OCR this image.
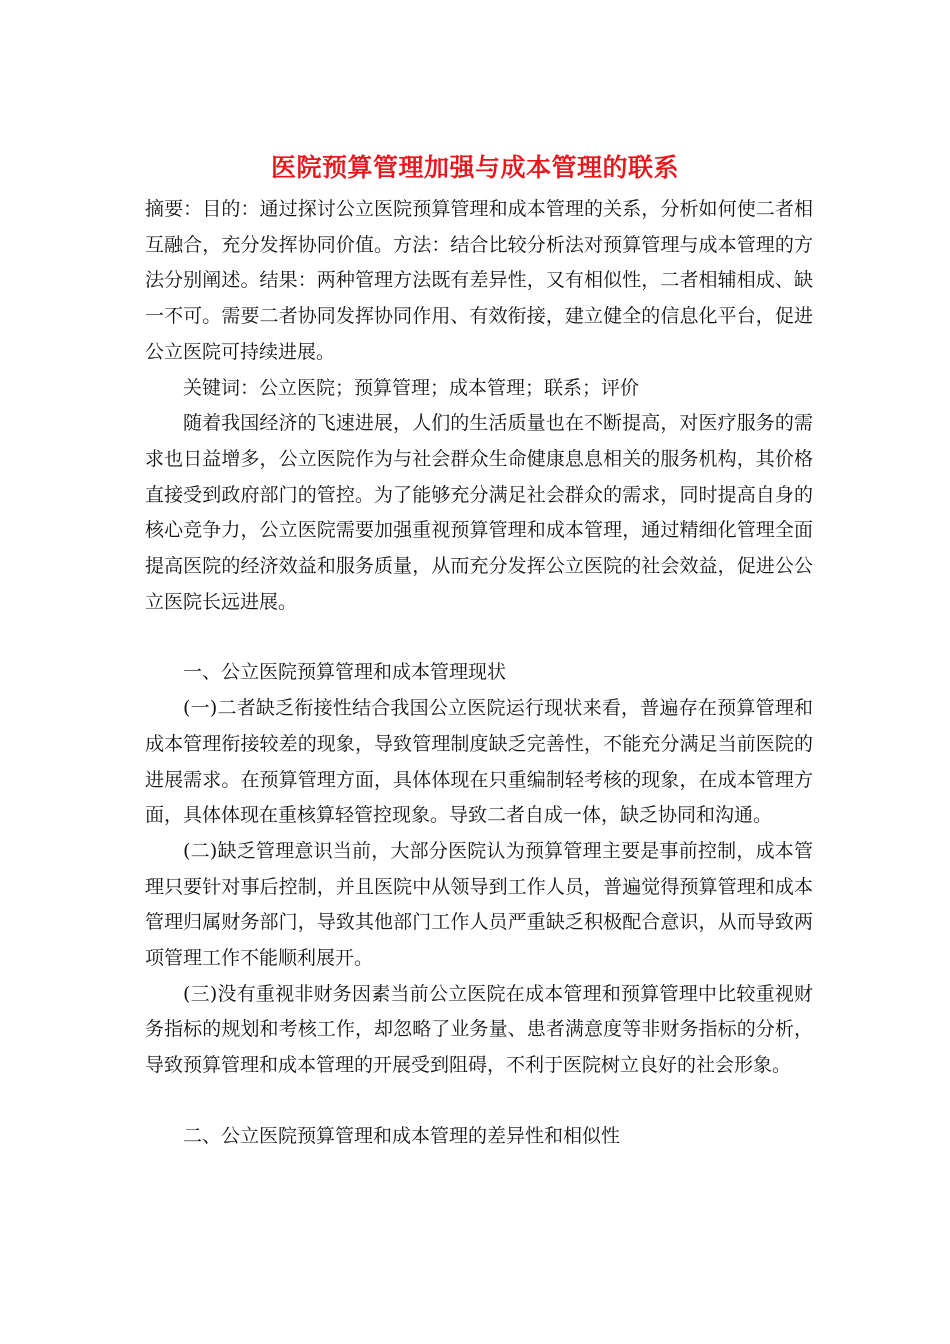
医院预算管理加强与成本管理的联系

摘要：目的：通过探讨公立医院预算管理和成本管理的关系，分析如何使二者相互融合，充分发挥协同价值。方法：结合比较分析法对预算管理与成本管理的方法分别阐述。结果：两种管理方法既有差异性，又有相似性，二者相辅相成、缺一不可。需要二者协同发挥协同作用、有效衔接，建立健全的信息化平台，促进公立医院可持续进展。

关键词：公立医院；预算管理；成本管理；联系；评价

随着我国经济的飞速进展，人们的生活质量也在不断提高，对医疗服务的需求也日益增多，公立医院作为与社会群众生命健康息息相关的服务机构，其价格直接受到政府部门的管控。为了能够充分满足社会群众的需求，同时提高自身的核心竞争力，公立医院需要加强重视预算管理和成本管理，通过精细化管理全面提高医院的经济效益和服务质量，从而充分发挥公立医院的社会效益，促进公公立医院长远进展。

一、公立医院预算管理和成本管理现状

(一)二者缺乏衔接性结合我国公立医院运行现状来看，普遍存在预算管理和成本管理衔接较差的现象，导致管理制度缺乏完善性，不能充分满足当前医院的进展需求。在预算管理方面，具体体现在只重编制轻考核的现象，在成本管理方面，具体体现在重核算轻管控现象。导致二者自成一体，缺乏协同和沟通。

(二)缺乏管理意识当前，大部分医院认为预算管理主要是事前控制，成本管理只要针对事后控制，并且医院中从领导到工作人员，普遍觉得预算管理和成本管理归属财务部门，导致其他部门工作人员严重缺乏积极配合意识，从而导致两项管理工作不能顺利展开。

(三)没有重视非财务因素当前公立医院在成本管理和预算管理中比较重视财务指标的规划和考核工作，却忽略了业务量、患者满意度等非财务指标的分析，导致预算管理和成本管理的开展受到阻碍，不利于医院树立良好的社会形象。

二、公立医院预算管理和成本管理的差异性和相似性
